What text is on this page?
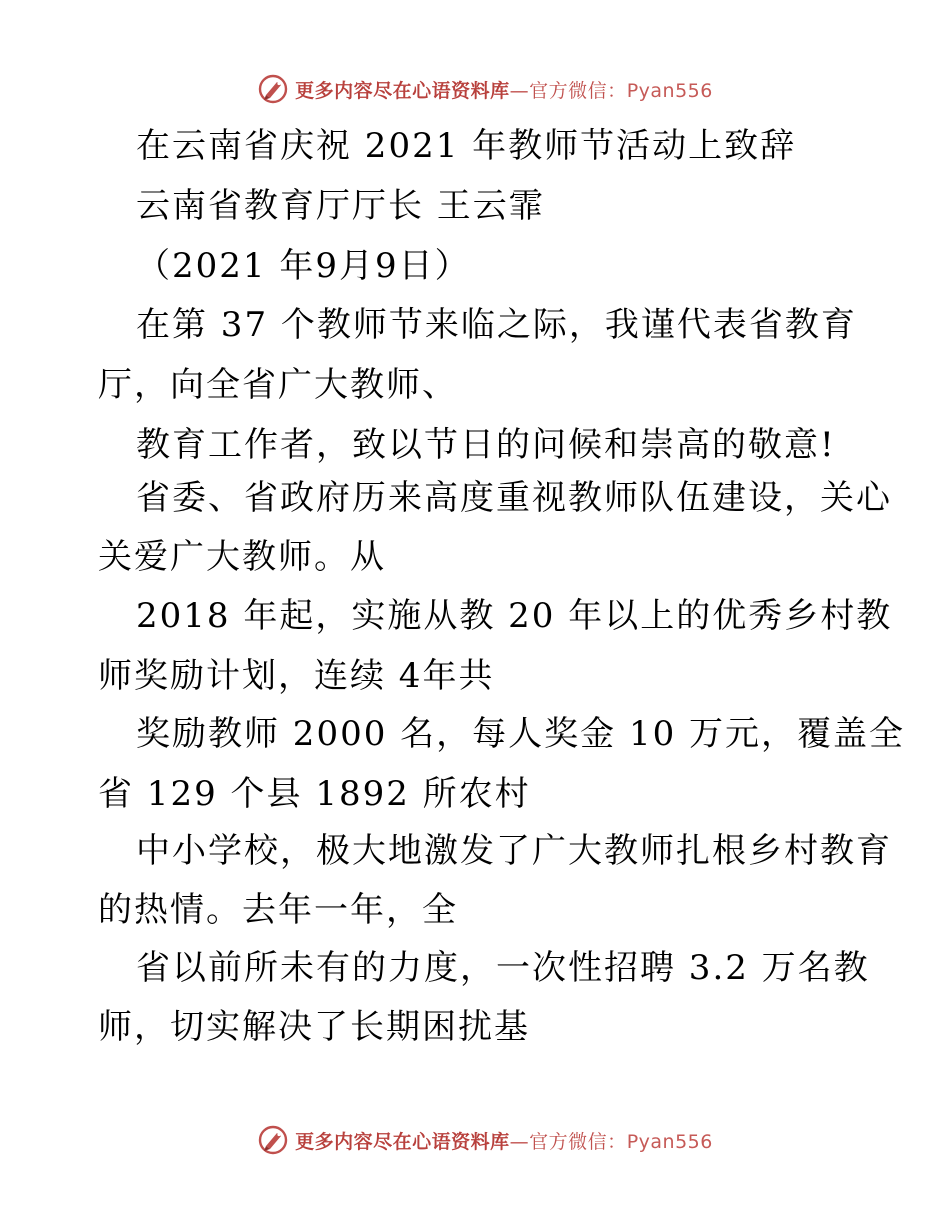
更多内容尽在心语资料库—官方微信：Pyan556
在云南省庆祝 2021 年教师节活动上致辞
云南省教育厅厅长 王云霏
（2021 年9月9日）
在第 37 个教师节来临之际，我谨代表省教育
厅，向全省广大教师、
教育工作者，致以节日的问候和崇高的敬意!
省委、省政府历来高度重视教师队伍建设，关心
关爱广大教师。从
2018 年起，实施从教 20 年以上的优秀乡村教
师奖励计划，连续 4年共
奖励教师 2000 名，每人奖金 10 万元，覆盖全
省 129 个县 1892 所农村
中小学校，极大地激发了广大教师扎根乡村教育
的热情。去年一年，全
省以前所未有的力度，一次性招聘 3.2 万名教
师，切实解决了长期困扰基
更多内容尽在心语资料库—官方微信：Pyan556
